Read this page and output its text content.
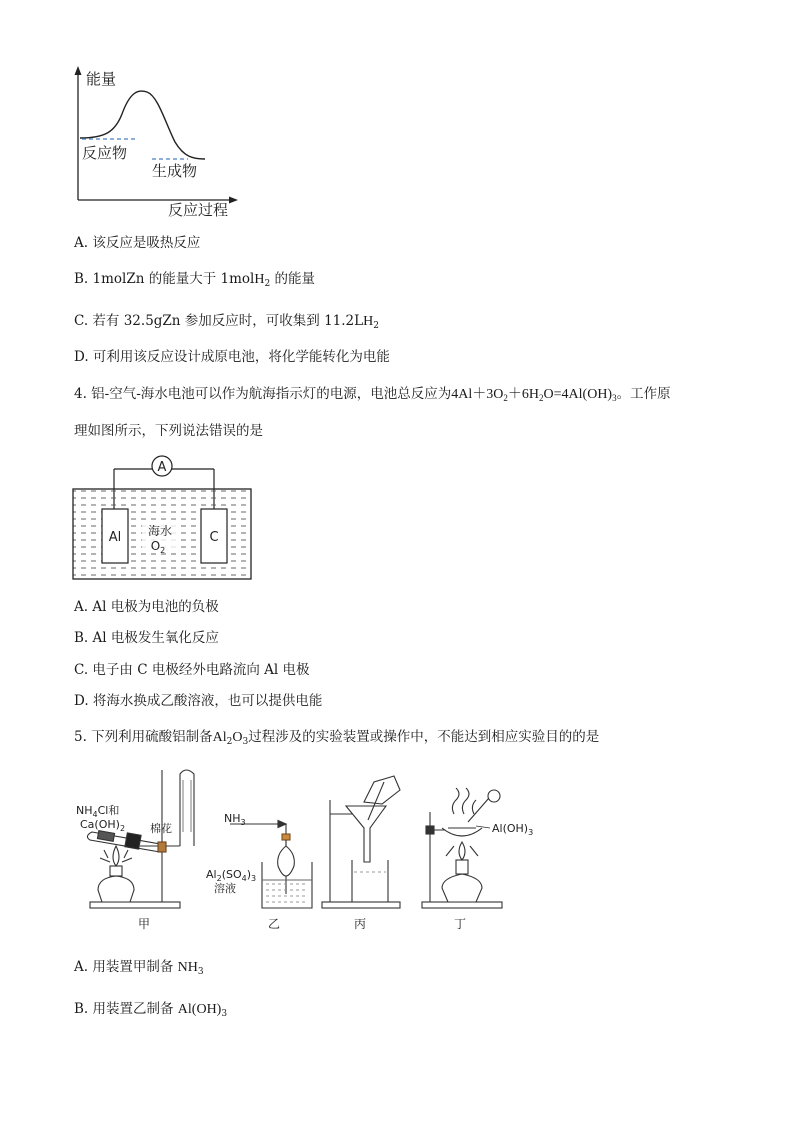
能量
反应物
生成物
反应过程
A. 该反应是吸热反应
B. 1molZn 的能量大于 1molH$_2$ 的能量
C. 若有 32.5gZn 参加反应时，可收集到 $11.2LH_2$
D. 可利用该反应设计成原电池，将化学能转化为电能
4. 铝-空气-海水电池可以作为航海指示灯的电源，电池总反应为$4Al+3O_2+6H_2O=4Al(OH)_3$。工作原
理如图所示，下列说法错误的是
A
Al	C
海水
$O_2$
A. Al 电极为电池的负极
B. Al 电极发生氧化反应
C. 电子由 C 电极经外电路流向 Al 电极
D. 将海水换成乙酸溶液，也可以提供电能
5. 下列利用硫酸铝制备$Al_2O_3$过程涉及的实验装置或操作中，不能达到相应实验目的的是
$NH_4Cl$和
$Ca(OH)_2$ 棉花
$NH_3$
$Al_2(SO_4)_3$
溶液
$Al(OH)_3$
甲	乙	丙	丁
A. 用装置甲制备 $NH_3$
B. 用装置乙制备 $Al(OH)_3$
